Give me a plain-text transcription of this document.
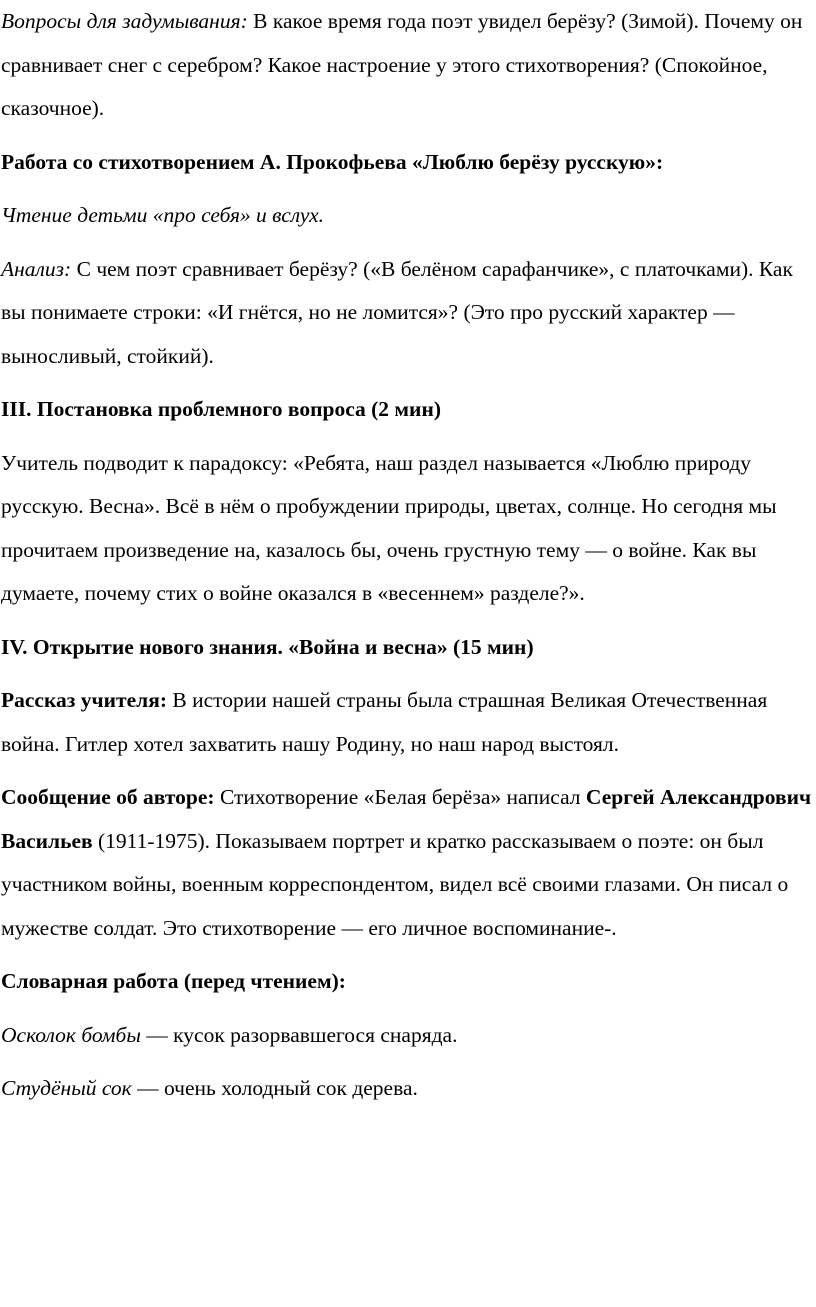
Вопросы для задумывания: В какое время года поэт увидел берёзу? (Зимой). Почему он сравнивает снег с серебром? Какое настроение у этого стихотворения? (Спокойное, сказочное).

Работа со стихотворением А. Прокофьева «Люблю берёзу русскую»:

Чтение детьми «про себя» и вслух.

Анализ: С чем поэт сравнивает берёзу? («В белёном сарафанчике», с платочками). Как вы понимаете строки: «И гнётся, но не ломится»? (Это про русский характер — выносливый, стойкий).

III. Постановка проблемного вопроса (2 мин)

Учитель подводит к парадоксу: «Ребята, наш раздел называется «Люблю природу русскую. Весна». Всё в нём о пробуждении природы, цветах, солнце. Но сегодня мы прочитаем произведение на, казалось бы, очень грустную тему — о войне. Как вы думаете, почему стих о войне оказался в «весеннем» разделе?».

IV. Открытие нового знания. «Война и весна» (15 мин)

Рассказ учителя: В истории нашей страны была страшная Великая Отечественная война. Гитлер хотел захватить нашу Родину, но наш народ выстоял.

Сообщение об авторе: Стихотворение «Белая берёза» написал Сергей Александрович Васильев (1911-1975). Показываем портрет и кратко рассказываем о поэте: он был участником войны, военным корреспондентом, видел всё своими глазами. Он писал о мужестве солдат. Это стихотворение — его личное воспоминание-.

Словарная работа (перед чтением):

Осколок бомбы — кусок разорвавшегося снаряда.

Студёный сок — очень холодный сок дерева.
